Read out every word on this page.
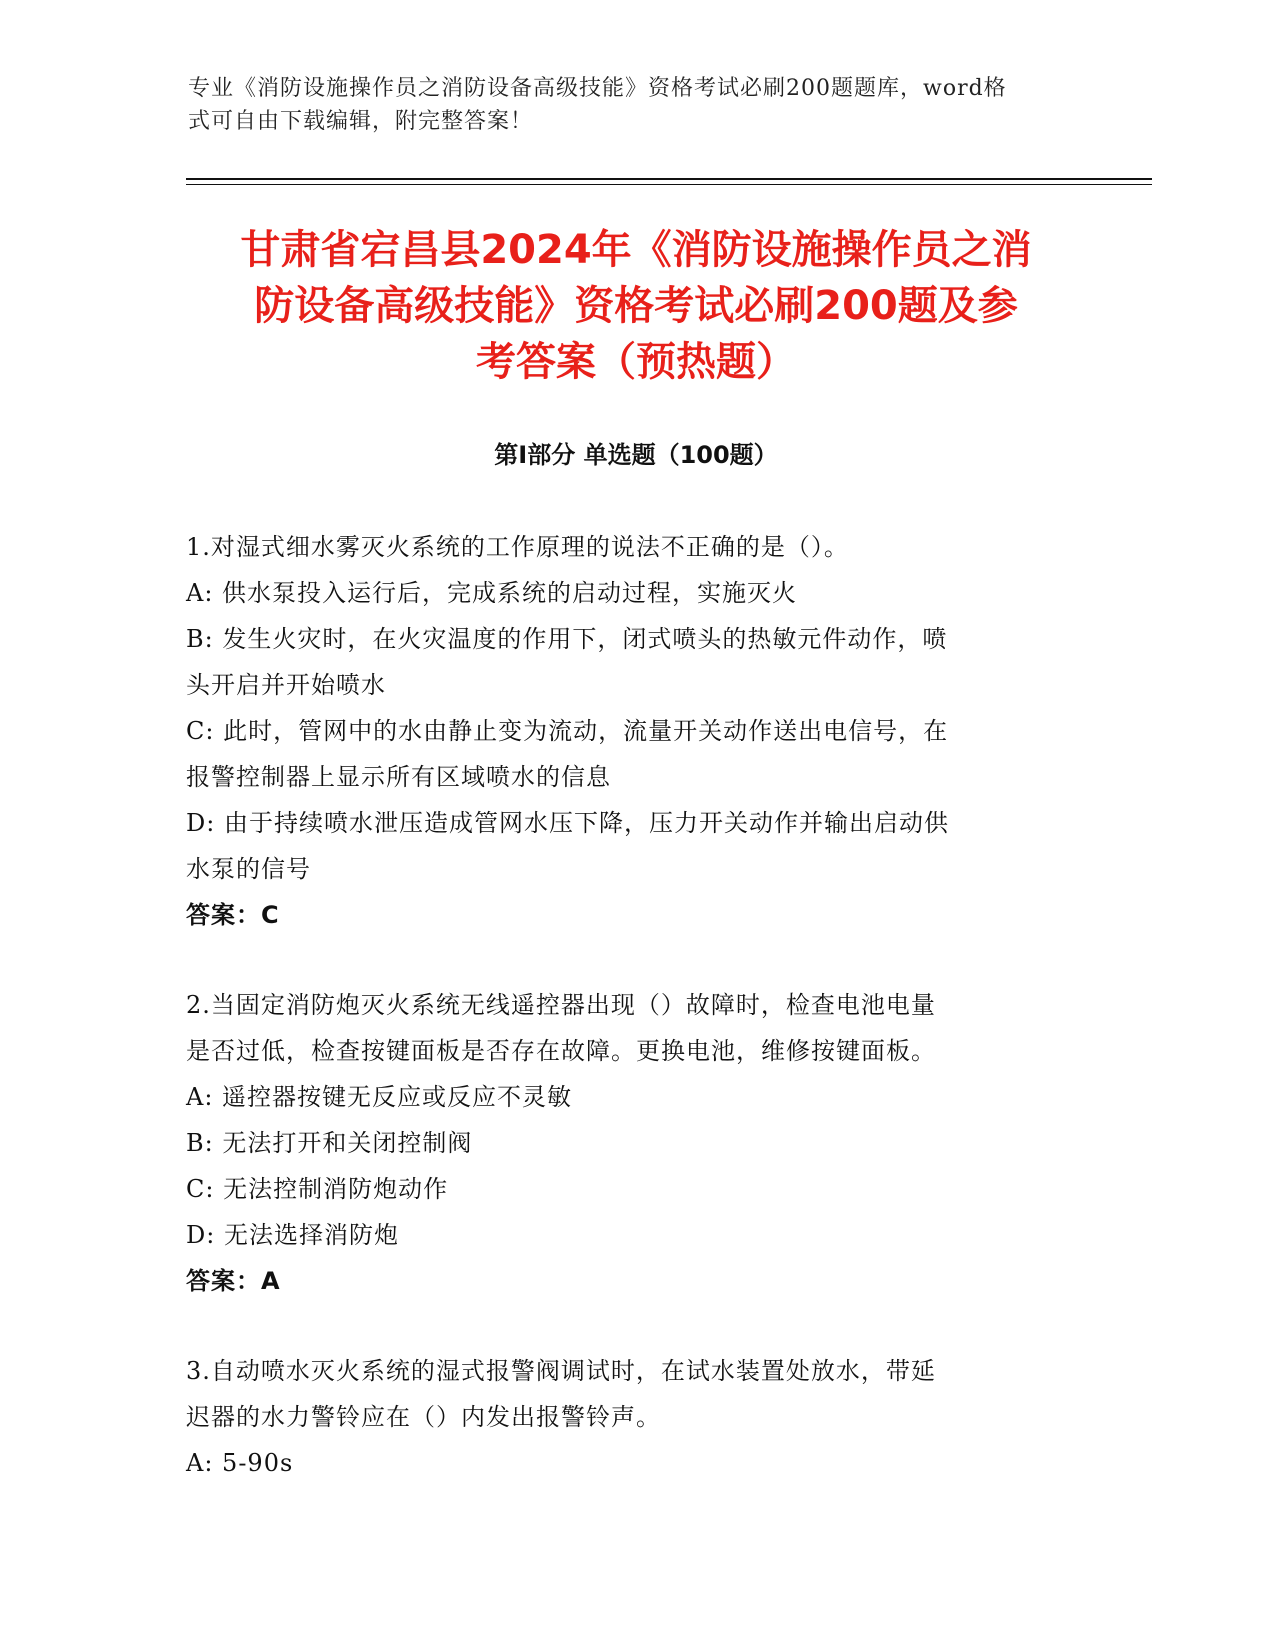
专业《消防设施操作员之消防设备高级技能》资格考试必刷200题题库，word格
式可自由下载编辑，附完整答案！
甘肃省宕昌县2024年《消防设施操作员之消
防设备高级技能》资格考试必刷200题及参
考答案（预热题）
第I部分 单选题（100题）

1.对湿式细水雾灭火系统的工作原理的说法不正确的是（）。

A: 供水泵投入运行后，完成系统的启动过程，实施灭火

B: 发生火灾时，在火灾温度的作用下，闭式喷头的热敏元件动作，喷

头开启并开始喷水

C: 此时，管网中的水由静止变为流动，流量开关动作送出电信号，在

报警控制器上显示所有区域喷水的信息

D: 由于持续喷水泄压造成管网水压下降，压力开关动作并输出启动供

水泵的信号

答案：C

2.当固定消防炮灭火系统无线遥控器出现（）故障时，检查电池电量

是否过低，检查按键面板是否存在故障。更换电池，维修按键面板。

A: 遥控器按键无反应或反应不灵敏

B: 无法打开和关闭控制阀

C: 无法控制消防炮动作

D: 无法选择消防炮

答案：A

3.自动喷水灭火系统的湿式报警阀调试时，在试水装置处放水，带延

迟器的水力警铃应在（）内发出报警铃声。

A: 5-90s
